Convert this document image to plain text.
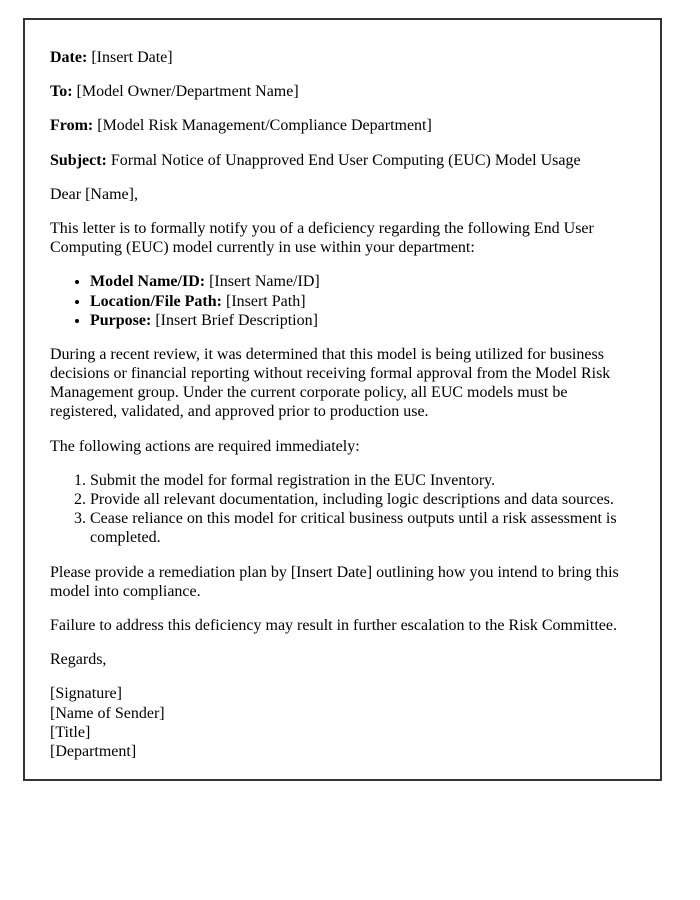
Date: [Insert Date]

To: [Model Owner/Department Name]

From: [Model Risk Management/Compliance Department]

Subject: Formal Notice of Unapproved End User Computing (EUC) Model Usage

Dear [Name],

This letter is to formally notify you of a deficiency regarding the following End User Computing (EUC) model currently in use within your department:

• Model Name/ID: [Insert Name/ID]
• Location/File Path: [Insert Path]
• Purpose: [Insert Brief Description]

During a recent review, it was determined that this model is being utilized for business decisions or financial reporting without receiving formal approval from the Model Risk Management group. Under the current corporate policy, all EUC models must be registered, validated, and approved prior to production use.

The following actions are required immediately:

1. Submit the model for formal registration in the EUC Inventory.
2. Provide all relevant documentation, including logic descriptions and data sources.
3. Cease reliance on this model for critical business outputs until a risk assessment is completed.

Please provide a remediation plan by [Insert Date] outlining how you intend to bring this model into compliance.

Failure to address this deficiency may result in further escalation to the Risk Committee.

Regards,

[Signature]
[Name of Sender]
[Title]
[Department]
